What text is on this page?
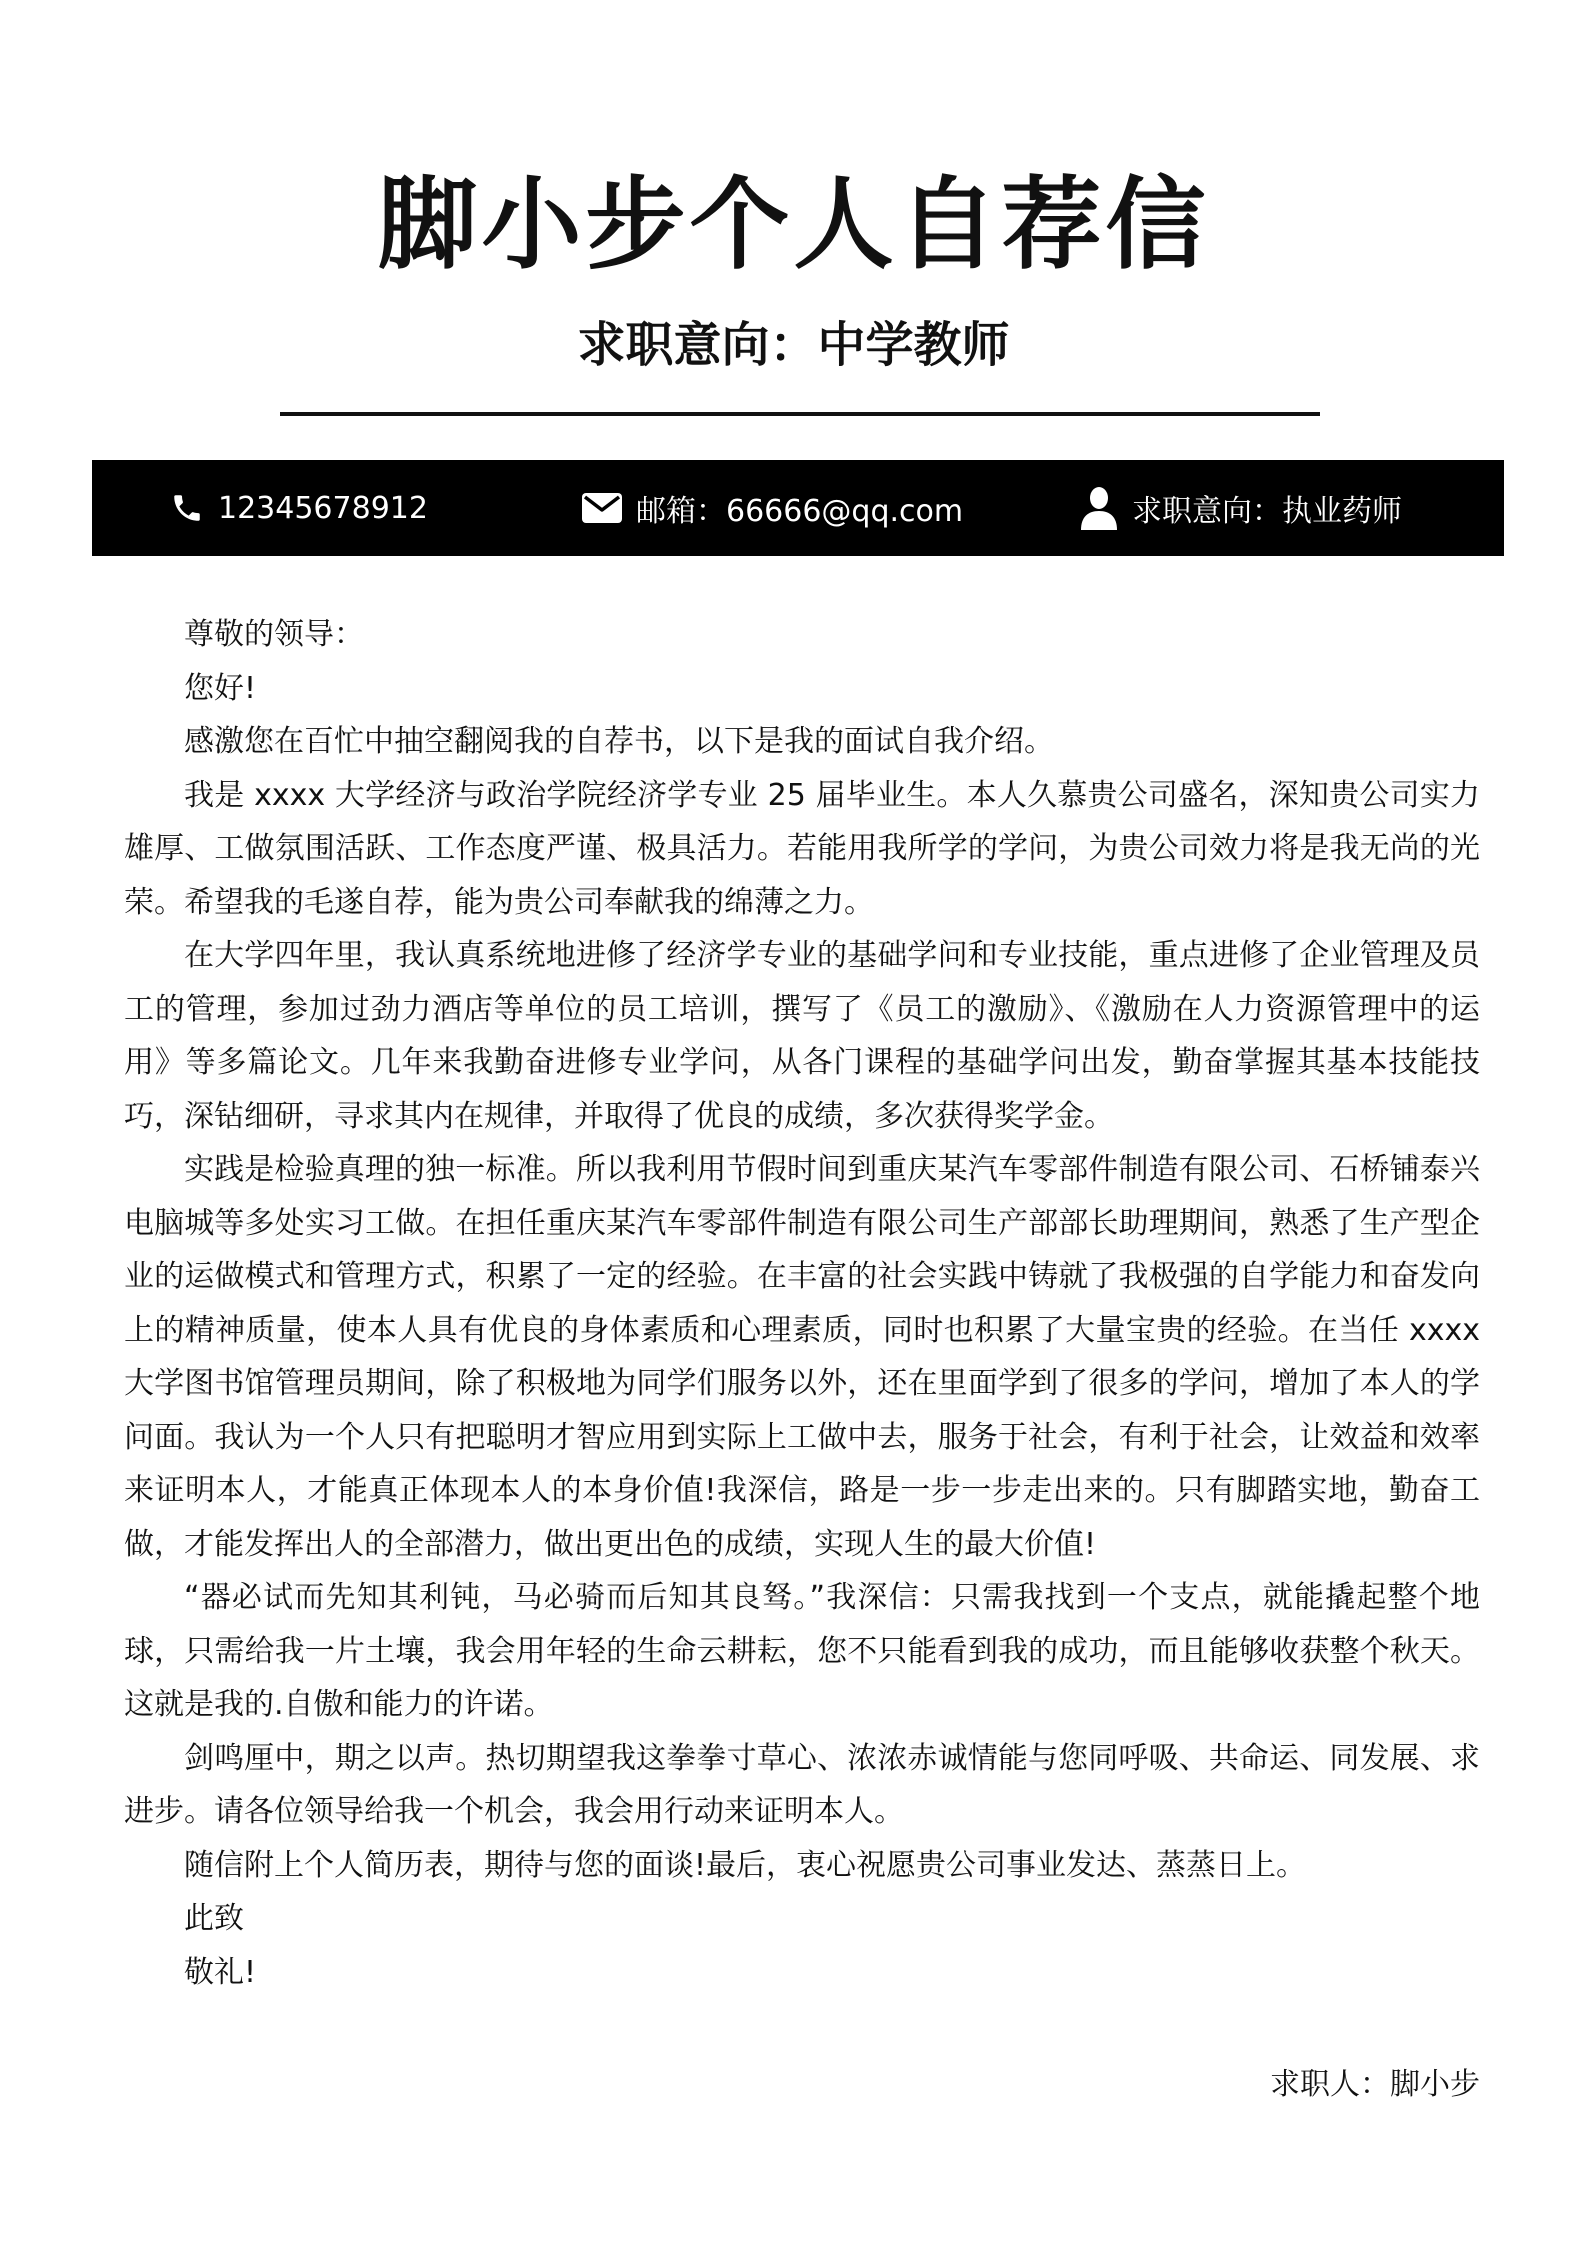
脚小步个人自荐信
求职意向：中学教师
12345678912	邮箱：66666@qq.com	求职意向：执业药师

尊敬的领导：

您好!

感激您在百忙中抽空翻阅我的自荐书，以下是我的面试自我介绍。

我是 xxxx 大学经济与政治学院经济学专业 25 届毕业生。本人久慕贵公司盛名，深知贵公司实力雄厚、工做氛围活跃、工作态度严谨、极具活力。若能用我所学的学问，为贵公司效力将是我无尚的光荣。希望我的毛遂自荐，能为贵公司奉献我的绵薄之力。

在大学四年里，我认真系统地进修了经济学专业的基础学问和专业技能，重点进修了企业管理及员工的管理，参加过劲力酒店等单位的员工培训，撰写了《员工的激励》、《激励在人力资源管理中的运用》等多篇论文。几年来我勤奋进修专业学问，从各门课程的基础学问出发，勤奋掌握其基本技能技巧，深钻细研，寻求其内在规律，并取得了优良的成绩，多次获得奖学金。

实践是检验真理的独一标准。所以我利用节假时间到重庆某汽车零部件制造有限公司、石桥铺泰兴电脑城等多处实习工做。在担任重庆某汽车零部件制造有限公司生产部部长助理期间，熟悉了生产型企业的运做模式和管理方式，积累了一定的经验。在丰富的社会实践中铸就了我极强的自学能力和奋发向上的精神质量，使本人具有优良的身体素质和心理素质，同时也积累了大量宝贵的经验。在当任 xxxx 大学图书馆管理员期间，除了积极地为同学们服务以外，还在里面学到了很多的学问，增加了本人的学问面。我认为一个人只有把聪明才智应用到实际上工做中去，服务于社会，有利于社会，让效益和效率来证明本人，才能真正体现本人的本身价值!我深信，路是一步一步走出来的。只有脚踏实地，勤奋工做，才能发挥出人的全部潜力，做出更出色的成绩，实现人生的最大价值!

“器必试而先知其利钝，马必骑而后知其良驽。”我深信：只需我找到一个支点，就能撬起整个地球，只需给我一片土壤，我会用年轻的生命云耕耘，您不只能看到我的成功，而且能够收获整个秋天。这就是我的.自傲和能力的许诺。

剑鸣厘中，期之以声。热切期望我这拳拳寸草心、浓浓赤诚情能与您同呼吸、共命运、同发展、求进步。请各位领导给我一个机会，我会用行动来证明本人。

随信附上个人简历表，期待与您的面谈!最后，衷心祝愿贵公司事业发达、蒸蒸日上。

此致

敬礼!

求职人：脚小步
